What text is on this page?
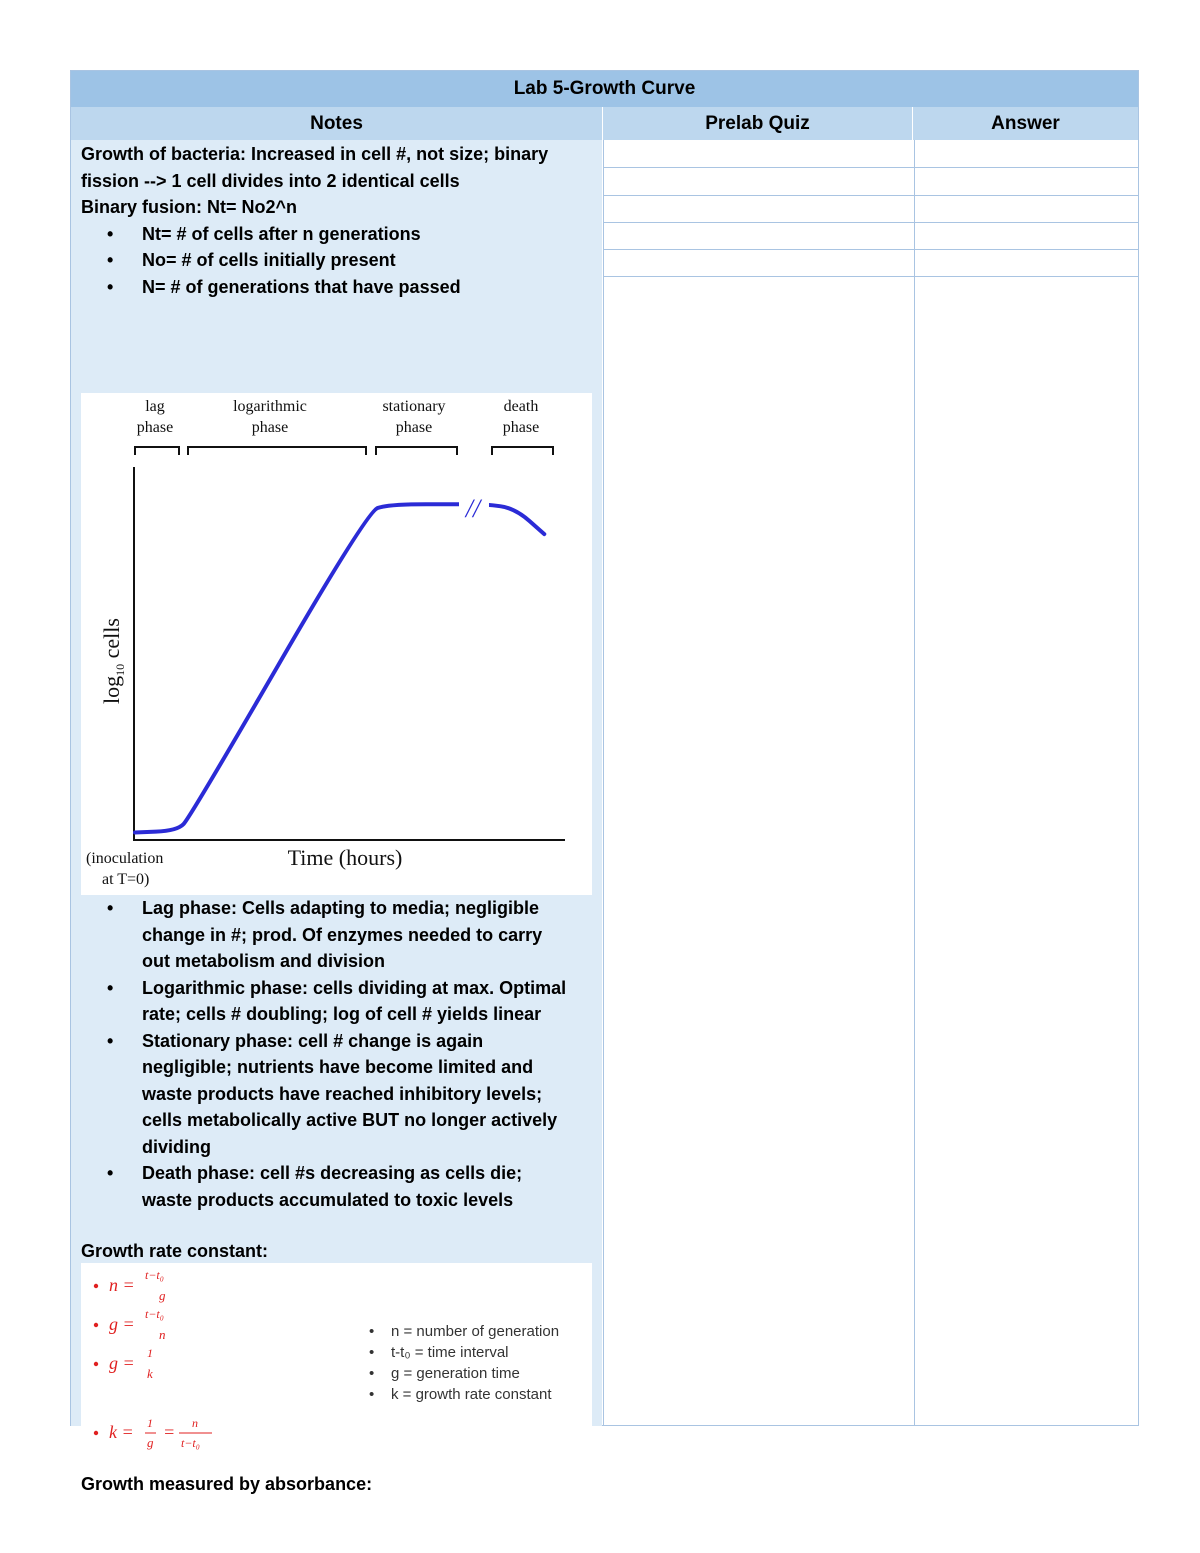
Lab 5-Growth Curve
Notes	Prelab Quiz	Answer
Growth of bacteria: Increased in cell #, not size; binary
fission --> 1 cell divides into 2 identical cells
Binary fusion: Nt= No2^n
• Nt= # of cells after n generations
• No= # of cells initially present
• N= # of generations that have passed
lag
phase
logarithmic
phase
stationary
phase
death
phase
//
$\log_{10}$ cells
Time (hours)
(inoculation
at T=0)
• Lag phase: Cells adapting to media; negligible
change in #; prod. Of enzymes needed to carry
out metabolism and division
• Logarithmic phase: cells dividing at max. Optimal
rate; cells # doubling; log of cell # yields linear
• Stationary phase: cell # change is again
negligible; nutrients have become limited and
waste products have reached inhibitory levels;
cells metabolically active BUT no longer actively
dividing
• Death phase: cell #s decreasing as cells die;
waste products accumulated to toxic levels
Growth rate constant:
n = t−t₀
g
g = t−t₀
n
g = 1
k
k = 1
g
= n
t−t₀
• n = number of generation
• t-t₀ = time interval
• g = generation time
• k = growth rate constant
Growth measured by absorbance:
